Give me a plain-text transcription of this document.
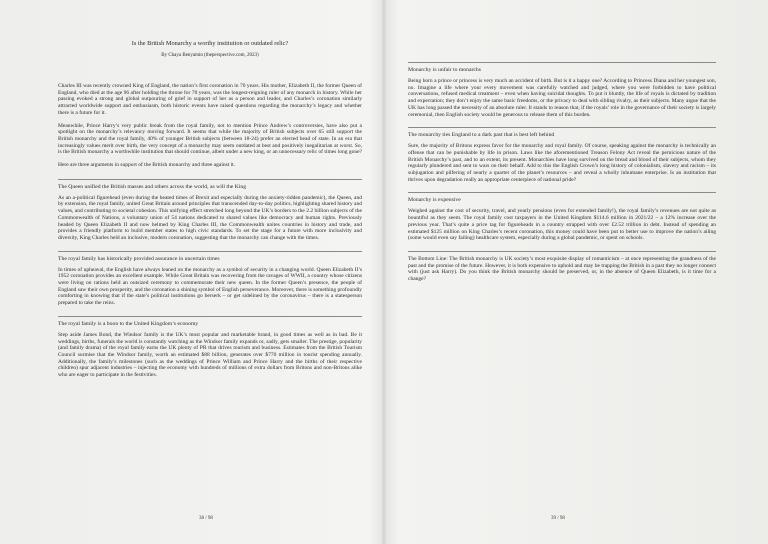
Is the British Monarchy a worthy institution or outdated relic?
By Chaya Benyamin (theperspective.com, 2023)

Charles III was recently crowned King of England, the nation’s first coronation in 70 years. His mother, Elizabeth II, the former Queen of England, who died at the age 96 after holding the throne for 70 years, was the longest-reigning ruler of any monarch in history. While her passing evoked a strong and global outpouring of grief in support of her as a person and leader, and Charles’s coronation similarly attracted worldwide support and enthusiasm, both historic events have raised questions regarding the monarchy’s legacy and whether there is a future for it.

Meanwhile, Prince Harry’s very public break from the royal family, not to mention Prince Andrew’s controversies, have also put a spotlight on the monarchy’s relevancy moving forward. It seems that while the majority of British subjects over 65 still support the British monarchy and the royal family, 40% of younger British subjects (between 18-24) prefer an elected head of state. In an era that increasingly values merit over birth, the very concept of a monarchy may seem outdated at best and positively inegalitarian at worst. So, is the British monarchy a worthwhile institution that should continue, albeit under a new king, or an unnecessary relic of times long gone?

Here are three arguments in support of the British monarchy and three against it.

The Queen unified the British masses and others across the world, as will the King

As an a-political figurehead (even during the heated times of Brexit and especially during the anxiety-ridden pandemic), the Queen, and by extension, the royal family, united Great Britain around principles that transcended day-to-day politics, highlighting shared history and values, and contributing to societal cohesion. This unifying effect stretched long beyond the UK’s borders to the 2.2 billion subjects of the Commonwealth of Nations, a voluntary union of 54 nations dedicated to shared values like democracy and human rights. Previously headed by Queen Elizabeth II and now helmed by King Charles III, the Commonwealth unites countries in history and trade, and provides a friendly platform to build member states to high civic standards. To set the stage for a future with more inclusivity and diversity, King Charles held an inclusive, modern coronation, suggesting that the monarchy can change with the times.

The royal family has historically provided assurance in uncertain times

In times of upheaval, the English have always leaned on the monarchy as a symbol of security in a changing world. Queen Elizabeth II’s 1952 coronation provides an excellent example. While Great Britain was recovering from the ravages of WWII, a country whose citizens were living on rations held an outsized ceremony to commemorate their new queen. In the former Queen’s presence, the people of England saw their own prosperity, and the coronation a shining symbol of English perseverance. Moreover, there is something profoundly comforting in knowing that if the state’s political institutions go berserk – or get sidelined by the coronavirus – there is a statesperson prepared to take the reins.

The royal family is a boon to the United Kingdom’s economy

Step aside James Bond, the Windsor family is the UK’s most popular and marketable brand, in good times as well as in bad. Be it weddings, births, funerals the world is constantly watching as the Windsor family expands or, sadly, gets smaller. The prestige, popularity (and family drama) of the royal family earns the UK plenty of PR that drives tourism and business. Estimates from the British Tourism Council surmise that the Windsor family, worth an estimated $88 billion, generates over $770 million in tourist spending annually. Additionally, the family’s milestones (such as the weddings of Prince William and Prince Harry and the births of their respective children) spur adjacent industries – injecting the economy with hundreds of millions of extra dollars from Britons and non-Britons alike who are eager to participate in the festivities.

Monarchy is unfair to monarchs

Being born a prince or princess is very much an accident of birth. But is it a happy one? According to Princess Diana and her youngest son, no. Imagine a life where your every movement was carefully watched and judged, where you were forbidden to have political conversations, refused medical treatment – even when having suicidal thoughts. To put it bluntly, the life of royals is dictated by tradition and expectation; they don’t enjoy the same basic freedoms, or the privacy to deal with sibling rivalry, as their subjects. Many argue that the UK has long passed the necessity of an absolute ruler. It stands to reason that, if the royals’ role in the governance of their society is largely ceremonial, then English society would be generous to release them of this burden.

The monarchy ties England to a dark past that is best left behind

Sure, the majority of Britons express favor for the monarchy and royal family. Of course, speaking against the monarchy is technically an offense that can be punishable by life in prison. Laws like the aforementioned Treason Felony Act reveal the pernicious nature of the British Monarchy’s past, and to an extent, its present. Monarchies have long survived on the bread and blood of their subjects, whom they regularly plundered and sent to wars on their behalf. Add to this the English Crown’s long history of colonialism, slavery and racism – its subjugation and pilfering of nearly a quarter of the planet’s resources – and reveal a wholly inhumane enterprise. Is an institution that thrives upon degradation really an appropriate centerpiece of national pride?

Monarchy is expensive

Weighed against the cost of security, travel, and yearly pensions (even for extended family!), the royal family’s revenues are not quite as bountiful as they seem. The royal family cost taxpayers in the United Kingdom $114.6 million in 2021/22 – a 12% increase over the previous year. That’s quite a price tag for figureheads in a country strapped with over £2.52 trillion in debt. Instead of spending an estimated $125 million on King Charles’s recent coronation, this money could have been put to better use to improve the nation’s ailing (some would even say failing) healthcare system, especially during a global pandemic, or spent on schools.

The Bottom Line: The British monarchy is UK society’s most exquisite display of romanticism – at once representing the grandness of the past and the promise of the future. However, it is both expensive to uphold and may be trapping the British in a past they no longer connect with (just ask Harry). Do you think the British monarchy should be preserved, or, in the absence of Queen Elizabeth, is it time for a change?

38 / 98	39 / 98
